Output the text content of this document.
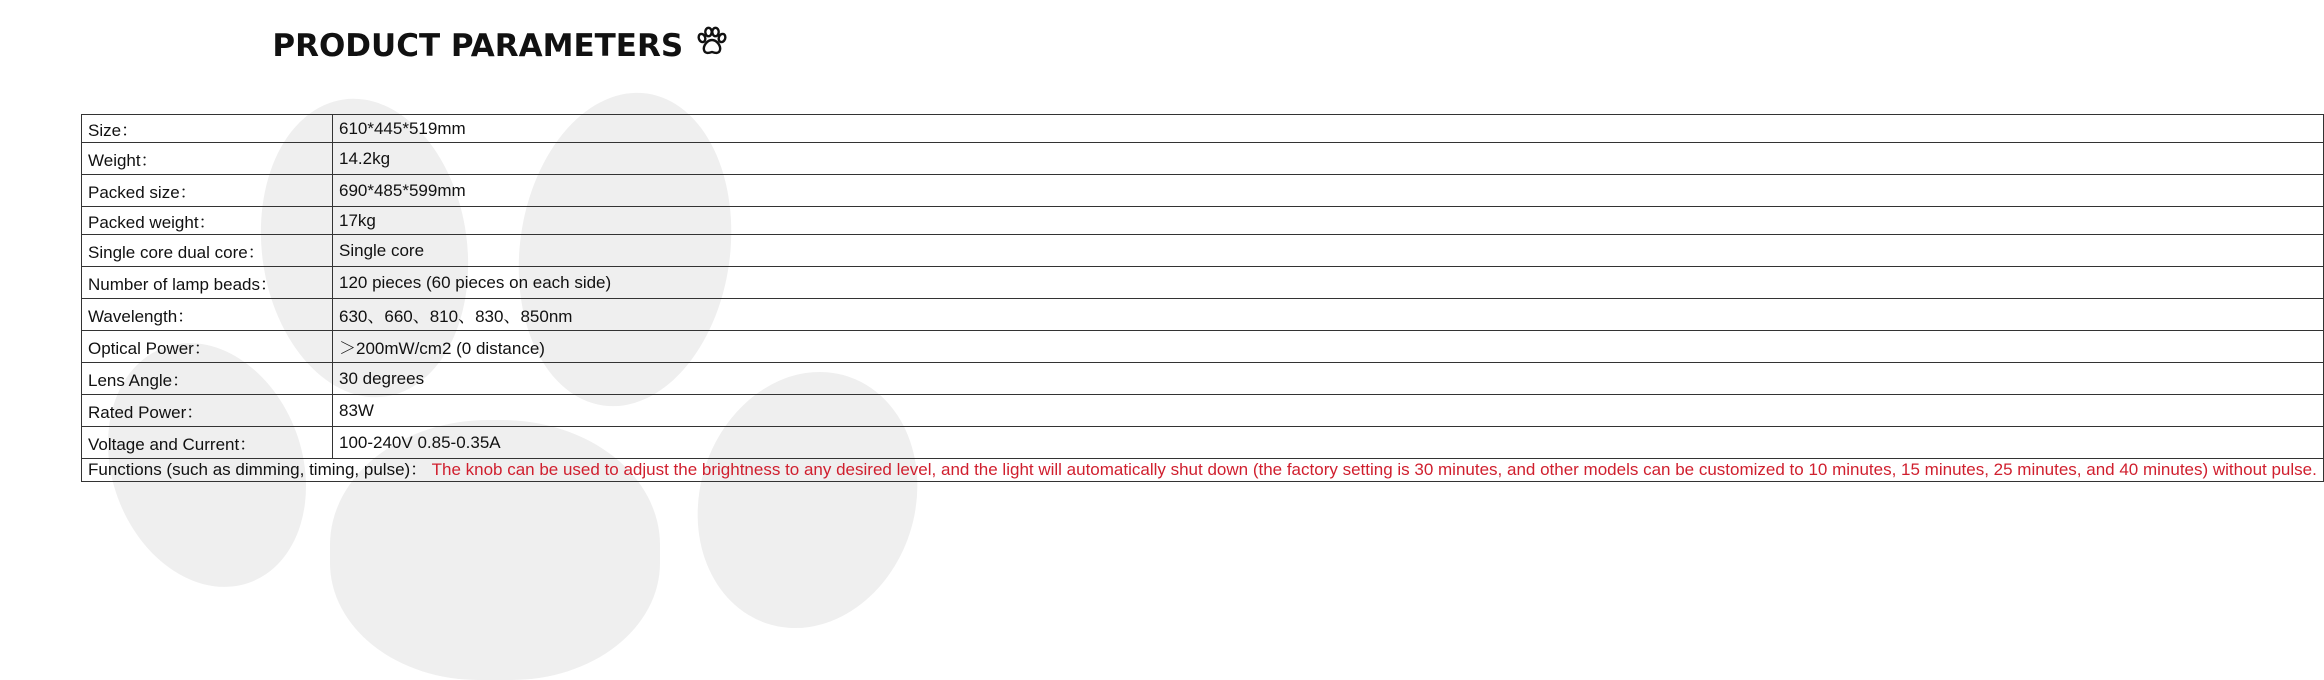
PRODUCT PARAMETERS
Size：	610*445*519mm
Weight：	14.2kg
Packed size：	690*485*599mm
Packed weight：	17kg
Single core dual core：	Single core
Number of lamp beads：	120 pieces (60 pieces on each side)
Wavelength：	630、660、810、830、850nm
Optical Power：	＞200mW/cm2 (0 distance)
Lens Angle：	30 degrees
Rated Power：	83W
Voltage and Current：	100-240V 0.85-0.35A
Functions (such as dimming, timing, pulse)： The knob can be used to adjust the brightness to any desired level, and the light will automatically shut down (the factory setting is 30 minutes, and other models can be customized to 10 minutes, 15 minutes, 25 minutes, and 40 minutes) without pulse.	
